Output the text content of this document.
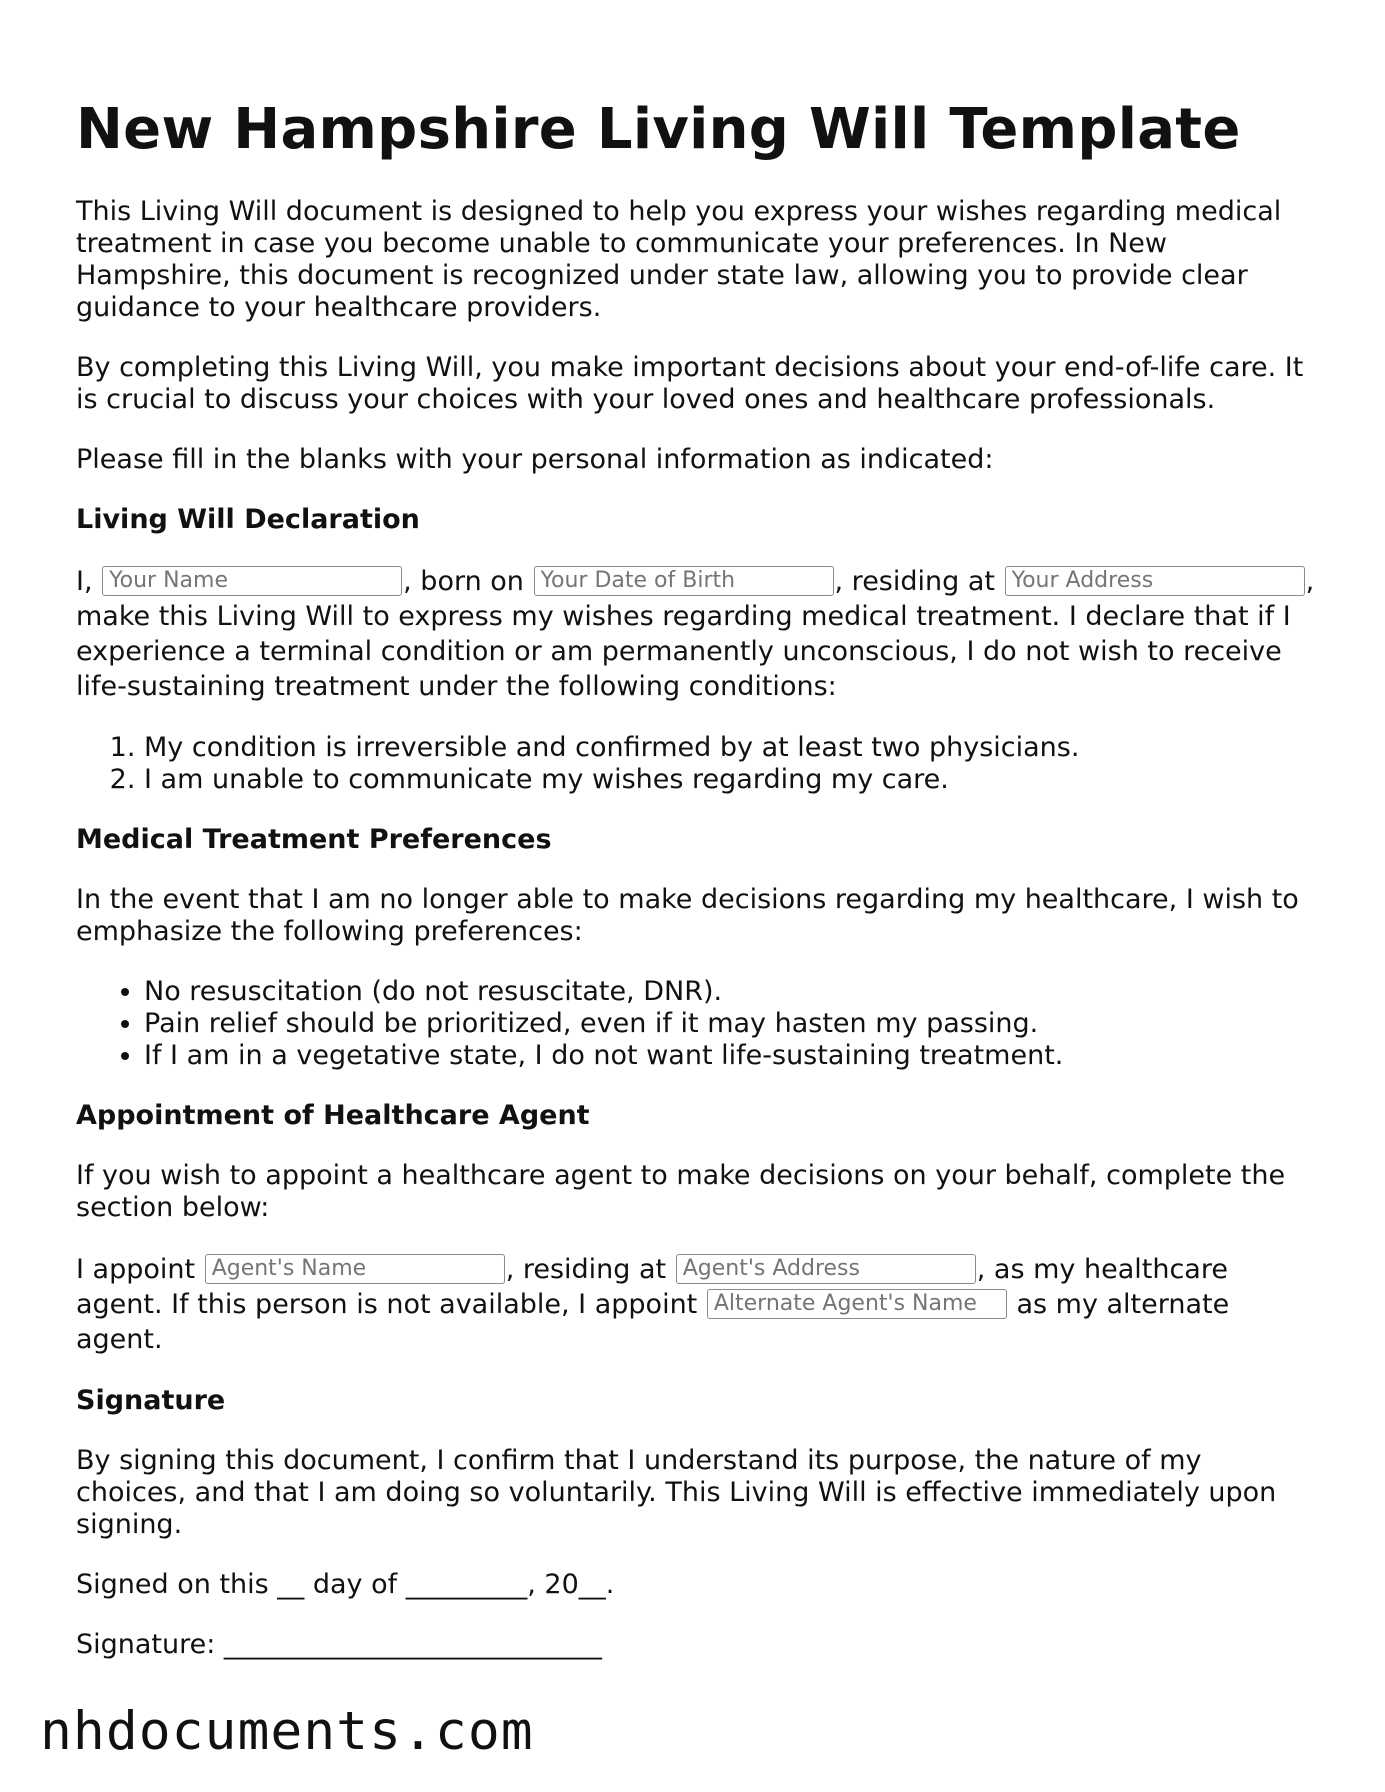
New Hampshire Living Will Template

This Living Will document is designed to help you express your wishes regarding medical treatment in case you become unable to communicate your preferences. In New Hampshire, this document is recognized under state law, allowing you to provide clear guidance to your healthcare providers.

By completing this Living Will, you make important decisions about your end-of-life care. It is crucial to discuss your choices with your loved ones and healthcare professionals.

Please fill in the blanks with your personal information as indicated:

Living Will Declaration

I, Your Name	, born on Your Date of Birth	, residing at Your Address	, make this Living Will to express my wishes regarding medical treatment. I declare that if I experience a terminal condition or am permanently unconscious, I do not wish to receive life-sustaining treatment under the following conditions:

1. My condition is irreversible and confirmed by at least two physicians.
2. I am unable to communicate my wishes regarding my care.
Medical Treatment Preferences

In the event that I am no longer able to make decisions regarding my healthcare, I wish to emphasize the following preferences:

• No resuscitation (do not resuscitate, DNR).
• Pain relief should be prioritized, even if it may hasten my passing.
• If I am in a vegetative state, I do not want life-sustaining treatment.
Appointment of Healthcare Agent

If you wish to appoint a healthcare agent to make decisions on your behalf, complete the section below:

I appoint Agent's Name	, residing at Agent's Address	, as my healthcare agent. If this person is not available, I appoint Alternate Agent's Name	as my alternate agent.

Signature

By signing this document, I confirm that I understand its purpose, the nature of my choices, and that I am doing so voluntarily. This Living Will is effective immediately upon signing.

Signed on this __ day of _________, 20__.

Signature: ____________________________

nhdocuments.com
